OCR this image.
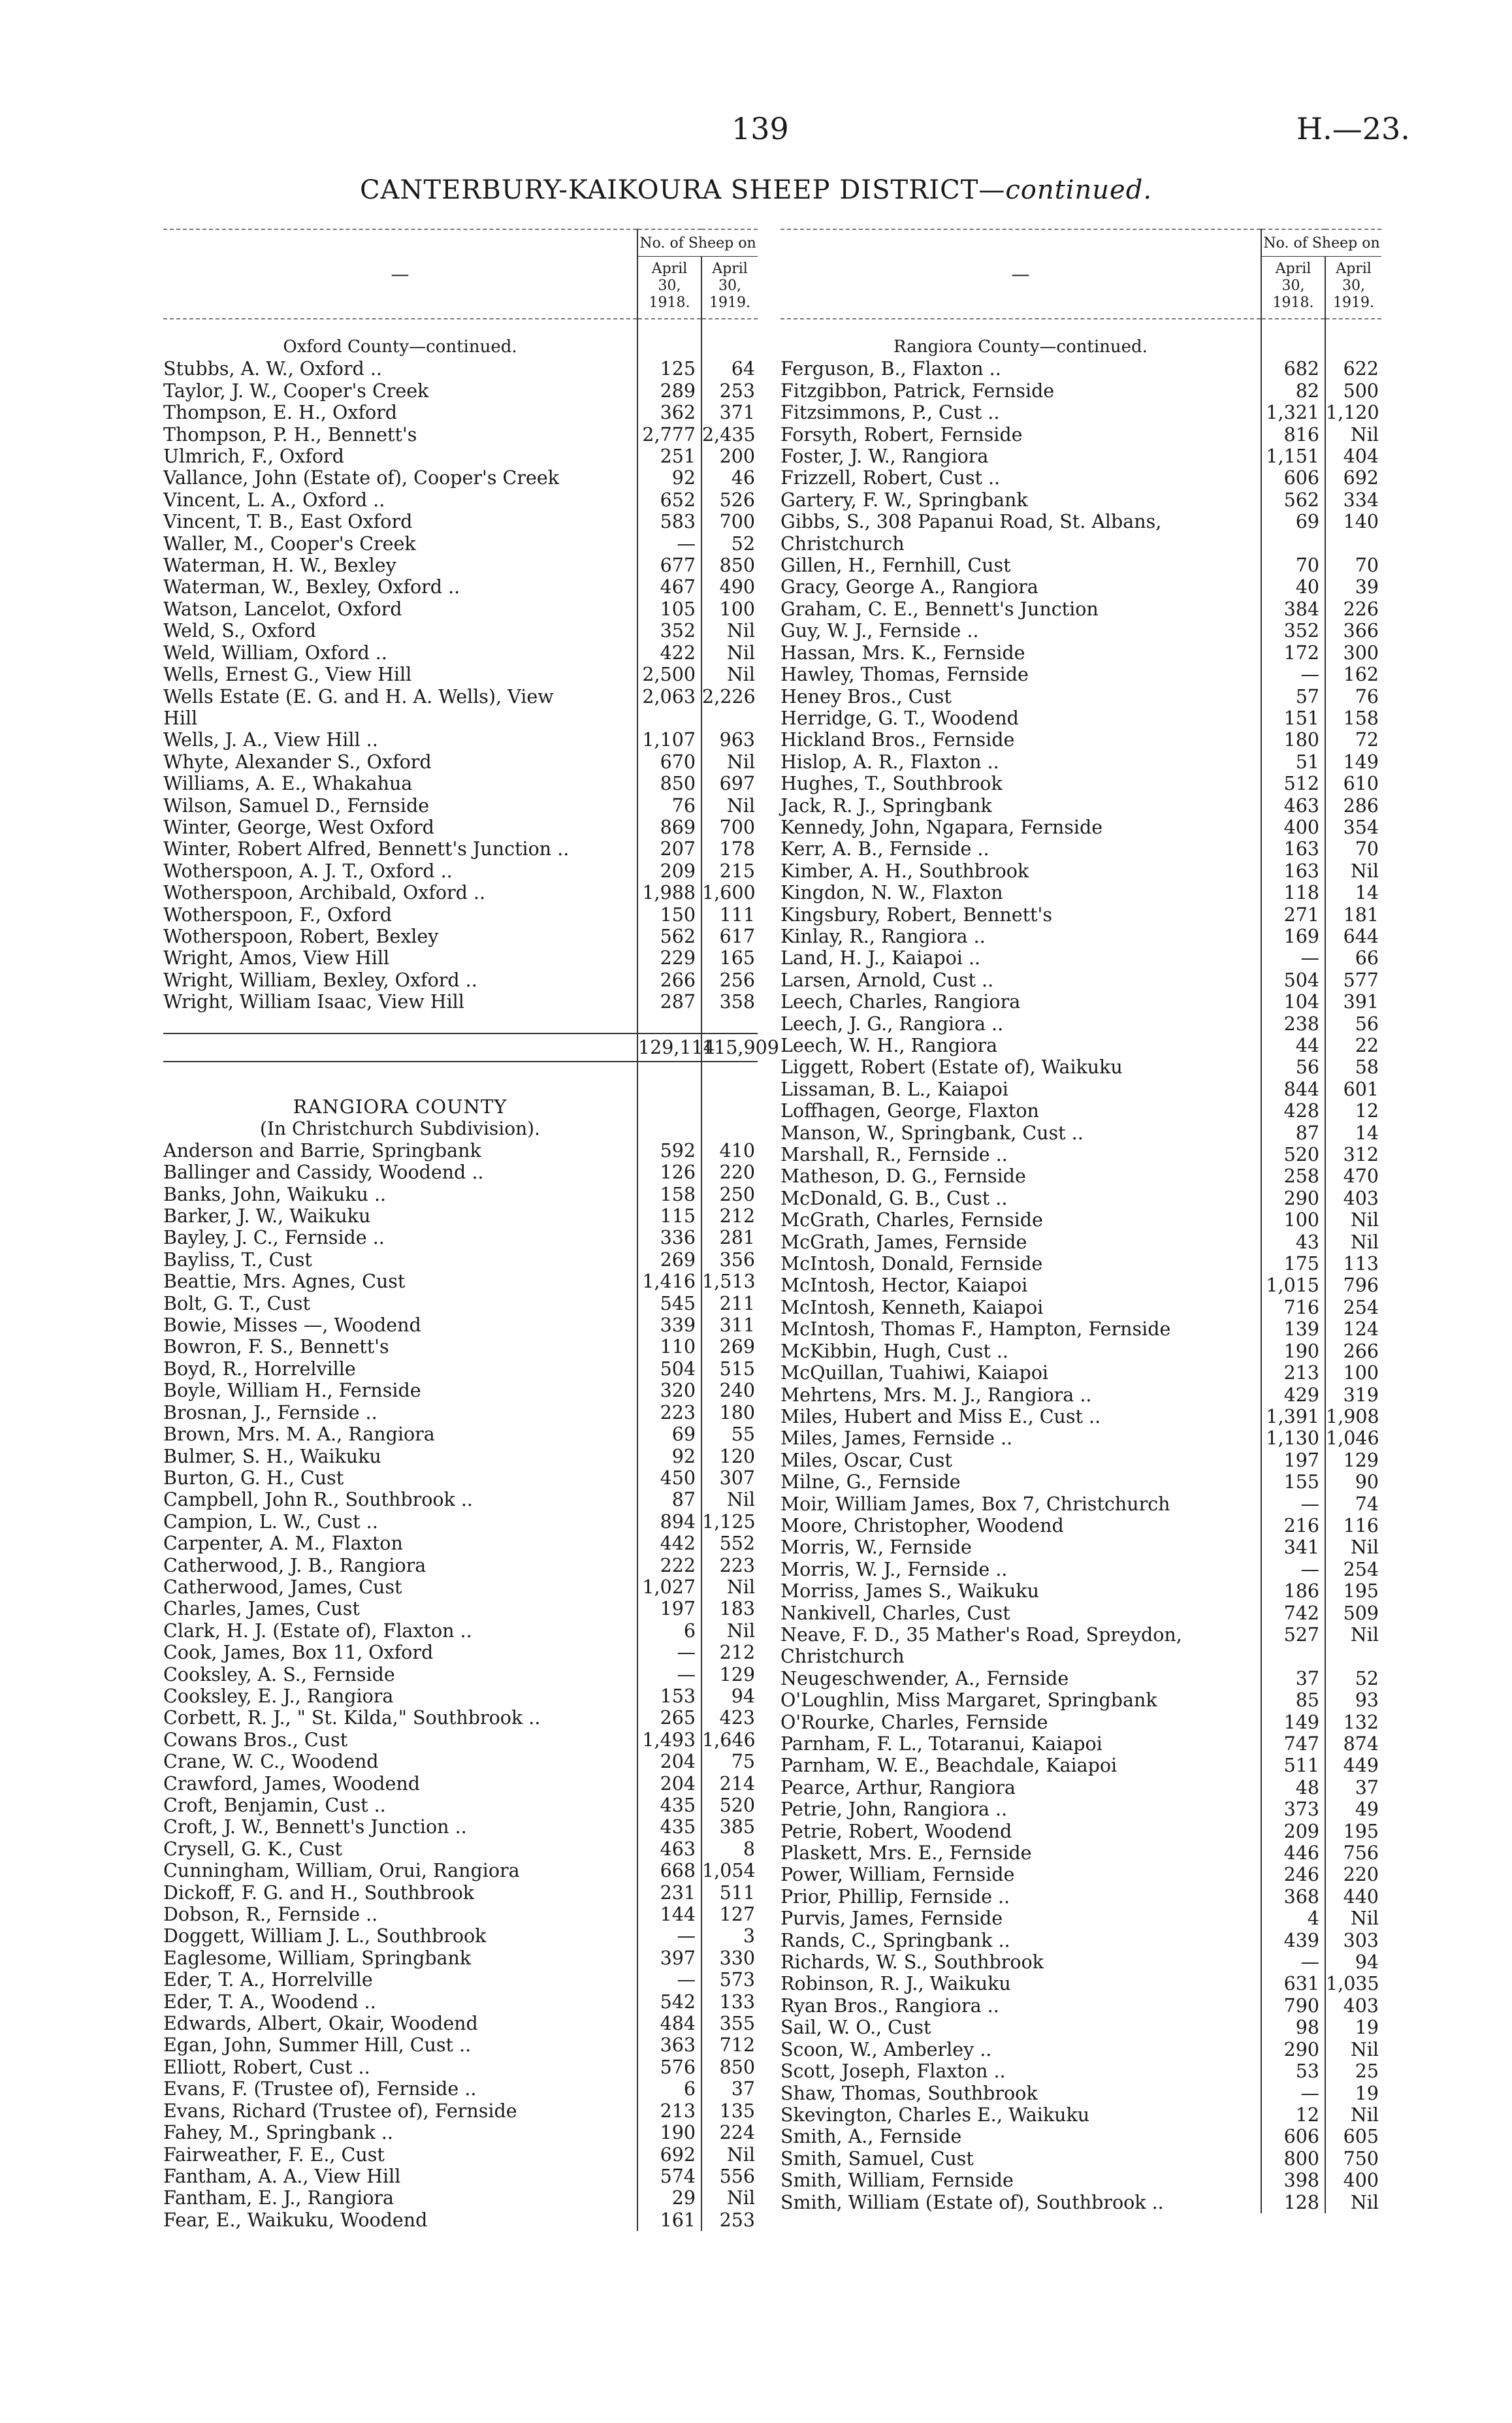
139	H.—23.
CANTERBURY-KAIKOURA SHEEP DISTRICT—continued.
—	No. of Sheep on	
	April 30, 1918.	April 30, 1919.

Oxford County—continued.		
Stubbs, A. W., Oxford ..	125	64
Taylor, J. W., Cooper's Creek	289	253
Thompson, E. H., Oxford	362	371
Thompson, P. H., Bennett's	2,777	2,435
Ulmrich, F., Oxford	251	200
Vallance, John (Estate of), Cooper's Creek	92	46
Vincent, L. A., Oxford ..	652	526
Vincent, T. B., East Oxford	583	700
Waller, M., Cooper's Creek	—	52
Waterman, H. W., Bexley	677	850
Waterman, W., Bexley, Oxford ..	467	490
Watson, Lancelot, Oxford	105	100
Weld, S., Oxford	352	Nil
Weld, William, Oxford ..	422	Nil
Wells, Ernest G., View Hill	2,500	Nil
Wells Estate (E. G. and H. A. Wells), View	2,063	2,226
Hill		
Wells, J. A., View Hill ..	1,107	963
Whyte, Alexander S., Oxford	670	Nil
Williams, A. E., Whakahua	850	697
Wilson, Samuel D., Fernside	76	Nil
Winter, George, West Oxford	869	700
Winter, Robert Alfred, Bennett's Junction ..	207	178
Wotherspoon, A. J. T., Oxford ..	209	215
Wotherspoon, Archibald, Oxford ..	1,988	1,600
Wotherspoon, F., Oxford	150	111
Wotherspoon, Robert, Bexley	562	617
Wright, Amos, View Hill	229	165
Wright, William, Bexley, Oxford ..	266	256
Wright, William Isaac, View Hill	287	358

	129,114	115,909
RANGIORA COUNTY		
(In Christchurch Subdivision).		
Anderson and Barrie, Springbank	592	410
Ballinger and Cassidy, Woodend ..	126	220
Banks, John, Waikuku ..	158	250
Barker, J. W., Waikuku	115	212
Bayley, J. C., Fernside ..	336	281
Bayliss, T., Cust	269	356
Beattie, Mrs. Agnes, Cust	1,416	1,513
Bolt, G. T., Cust	545	211
Bowie, Misses —, Woodend	339	311
Bowron, F. S., Bennett's	110	269
Boyd, R., Horrelville	504	515
Boyle, William H., Fernside	320	240
Brosnan, J., Fernside ..	223	180
Brown, Mrs. M. A., Rangiora	69	55
Bulmer, S. H., Waikuku	92	120
Burton, G. H., Cust	450	307
Campbell, John R., Southbrook ..	87	Nil
Campion, L. W., Cust ..	894	1,125
Carpenter, A. M., Flaxton	442	552
Catherwood, J. B., Rangiora	222	223
Catherwood, James, Cust	1,027	Nil
Charles, James, Cust	197	183
Clark, H. J. (Estate of), Flaxton ..	6	Nil
Cook, James, Box 11, Oxford	—	212
Cooksley, A. S., Fernside	—	129
Cooksley, E. J., Rangiora	153	94
Corbett, R. J., " St. Kilda," Southbrook ..	265	423
Cowans Bros., Cust	1,493	1,646
Crane, W. C., Woodend	204	75
Crawford, James, Woodend	204	214
Croft, Benjamin, Cust ..	435	520
Croft, J. W., Bennett's Junction ..	435	385
Crysell, G. K., Cust	463	8
Cunningham, William, Orui, Rangiora	668	1,054
Dickoff, F. G. and H., Southbrook	231	511
Dobson, R., Fernside ..	144	127
Doggett, William J. L., Southbrook	—	3
Eaglesome, William, Springbank	397	330
Eder, T. A., Horrelville	—	573
Eder, T. A., Woodend ..	542	133
Edwards, Albert, Okair, Woodend	484	355
Egan, John, Summer Hill, Cust ..	363	712
Elliott, Robert, Cust ..	576	850
Evans, F. (Trustee of), Fernside ..	6	37
Evans, Richard (Trustee of), Fernside	213	135
Fahey, M., Springbank ..	190	224
Fairweather, F. E., Cust	692	Nil
Fantham, A. A., View Hill	574	556
Fantham, E. J., Rangiora	29	Nil
Fear, E., Waikuku, Woodend	161	253
—	No. of Sheep on	
	April 30, 1918.	April 30, 1919.

Rangiora County—continued.		
Ferguson, B., Flaxton ..	682	622
Fitzgibbon, Patrick, Fernside	82	500
Fitzsimmons, P., Cust ..	1,321	1,120
Forsyth, Robert, Fernside	816	Nil
Foster, J. W., Rangiora	1,151	404
Frizzell, Robert, Cust ..	606	692
Gartery, F. W., Springbank	562	334
Gibbs, S., 308 Papanui Road, St. Albans,	69	140
Christchurch		
Gillen, H., Fernhill, Cust	70	70
Gracy, George A., Rangiora	40	39
Graham, C. E., Bennett's Junction	384	226
Guy, W. J., Fernside ..	352	366
Hassan, Mrs. K., Fernside	172	300
Hawley, Thomas, Fernside	—	162
Heney Bros., Cust	57	76
Herridge, G. T., Woodend	151	158
Hickland Bros., Fernside	180	72
Hislop, A. R., Flaxton ..	51	149
Hughes, T., Southbrook	512	610
Jack, R. J., Springbank	463	286
Kennedy, John, Ngapara, Fernside	400	354
Kerr, A. B., Fernside ..	163	70
Kimber, A. H., Southbrook	163	Nil
Kingdon, N. W., Flaxton	118	14
Kingsbury, Robert, Bennett's	271	181
Kinlay, R., Rangiora ..	169	644
Land, H. J., Kaiapoi ..	—	66
Larsen, Arnold, Cust ..	504	577
Leech, Charles, Rangiora	104	391
Leech, J. G., Rangiora ..	238	56
Leech, W. H., Rangiora	44	22
Liggett, Robert (Estate of), Waikuku	56	58
Lissaman, B. L., Kaiapoi	844	601
Loffhagen, George, Flaxton	428	12
Manson, W., Springbank, Cust ..	87	14
Marshall, R., Fernside ..	520	312
Matheson, D. G., Fernside	258	470
McDonald, G. B., Cust ..	290	403
McGrath, Charles, Fernside	100	Nil
McGrath, James, Fernside	43	Nil
McIntosh, Donald, Fernside	175	113
McIntosh, Hector, Kaiapoi	1,015	796
McIntosh, Kenneth, Kaiapoi	716	254
McIntosh, Thomas F., Hampton, Fernside	139	124
McKibbin, Hugh, Cust ..	190	266
McQuillan, Tuahiwi, Kaiapoi	213	100
Mehrtens, Mrs. M. J., Rangiora ..	429	319
Miles, Hubert and Miss E., Cust ..	1,391	1,908
Miles, James, Fernside ..	1,130	1,046
Miles, Oscar, Cust	197	129
Milne, G., Fernside	155	90
Moir, William James, Box 7, Christchurch	—	74
Moore, Christopher, Woodend	216	116
Morris, W., Fernside	341	Nil
Morris, W. J., Fernside ..	—	254
Morriss, James S., Waikuku	186	195
Nankivell, Charles, Cust	742	509
Neave, F. D., 35 Mather's Road, Spreydon,	527	Nil
Christchurch		
Neugeschwender, A., Fernside	37	52
O'Loughlin, Miss Margaret, Springbank	85	93
O'Rourke, Charles, Fernside	149	132
Parnham, F. L., Totaranui, Kaiapoi	747	874
Parnham, W. E., Beachdale, Kaiapoi	511	449
Pearce, Arthur, Rangiora	48	37
Petrie, John, Rangiora ..	373	49
Petrie, Robert, Woodend	209	195
Plaskett, Mrs. E., Fernside	446	756
Power, William, Fernside	246	220
Prior, Phillip, Fernside ..	368	440
Purvis, James, Fernside	4	Nil
Rands, C., Springbank ..	439	303
Richards, W. S., Southbrook	—	94
Robinson, R. J., Waikuku	631	1,035
Ryan Bros., Rangiora ..	790	403
Sail, W. O., Cust	98	19
Scoon, W., Amberley ..	290	Nil
Scott, Joseph, Flaxton ..	53	25
Shaw, Thomas, Southbrook	—	19
Skevington, Charles E., Waikuku	12	Nil
Smith, A., Fernside	606	605
Smith, Samuel, Cust	800	750
Smith, William, Fernside	398	400
Smith, William (Estate of), Southbrook ..	128	Nil
